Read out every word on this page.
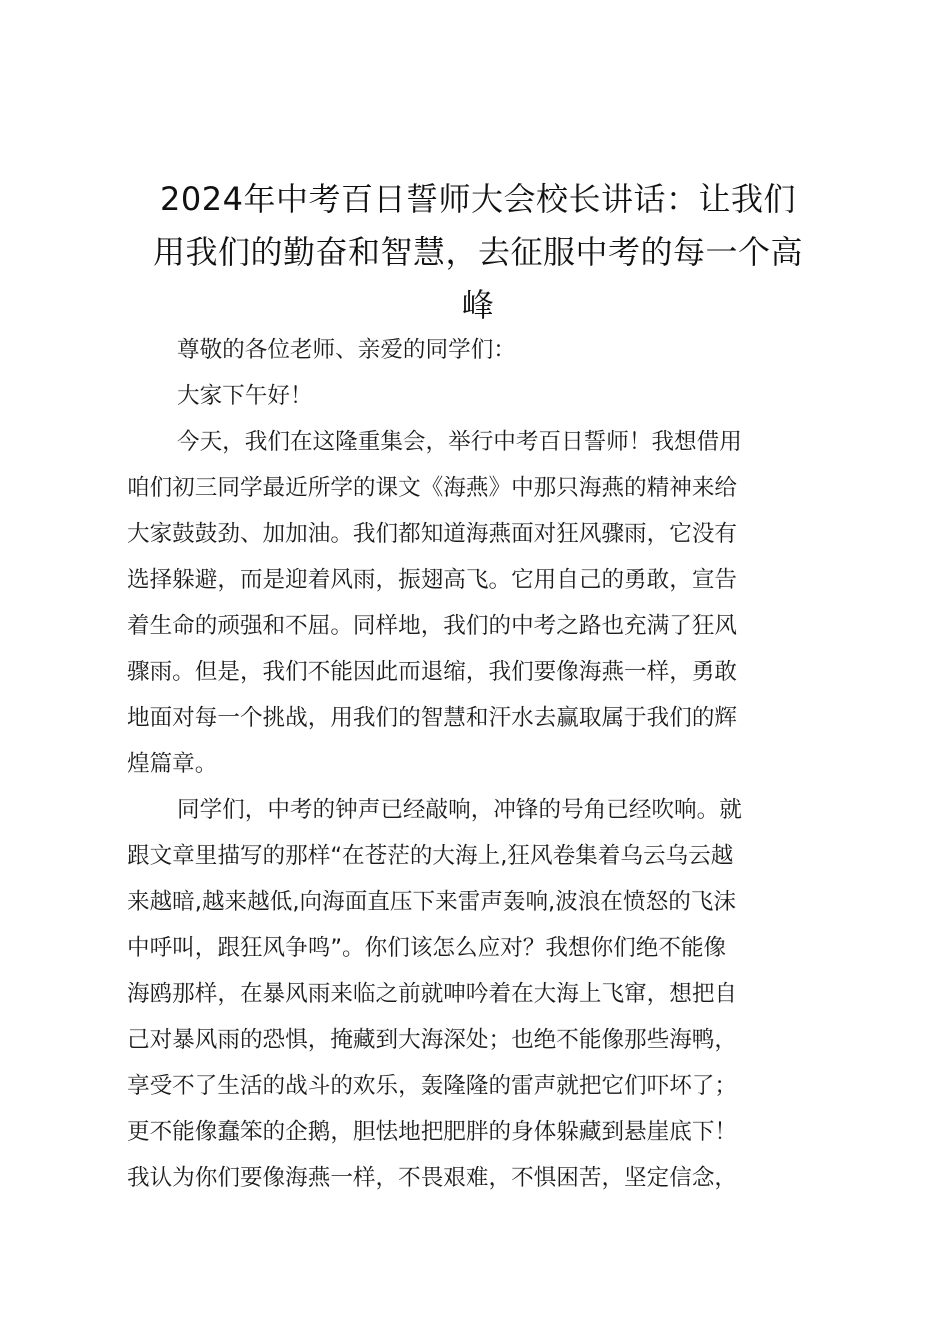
2024年中考百日誓师大会校长讲话：让我们
用我们的勤奋和智慧，去征服中考的每一个高
峰

尊敬的各位老师、亲爱的同学们：

大家下午好！

今天，我们在这隆重集会，举行中考百日誓师！我想借用
咱们初三同学最近所学的课文《海燕》中那只海燕的精神来给
大家鼓鼓劲、加加油。我们都知道海燕面对狂风骤雨，它没有
选择躲避，而是迎着风雨，振翅高飞。它用自己的勇敢，宣告
着生命的顽强和不屈。同样地，我们的中考之路也充满了狂风
骤雨。但是，我们不能因此而退缩，我们要像海燕一样，勇敢
地面对每一个挑战，用我们的智慧和汗水去赢取属于我们的辉
煌篇章。

同学们，中考的钟声已经敲响，冲锋的号角已经吹响。就
跟文章里描写的那样“在苍茫的大海上,狂风卷集着乌云乌云越
来越暗,越来越低,向海面直压下来雷声轰响,波浪在愤怒的飞沫
中呼叫，跟狂风争鸣”。你们该怎么应对？我想你们绝不能像
海鸥那样，在暴风雨来临之前就呻吟着在大海上飞窜，想把自
己对暴风雨的恐惧，掩藏到大海深处；也绝不能像那些海鸭，
享受不了生活的战斗的欢乐，轰隆隆的雷声就把它们吓坏了；
更不能像蠢笨的企鹅，胆怯地把肥胖的身体躲藏到悬崖底下！
我认为你们要像海燕一样，不畏艰难，不惧困苦，坚定信念，
